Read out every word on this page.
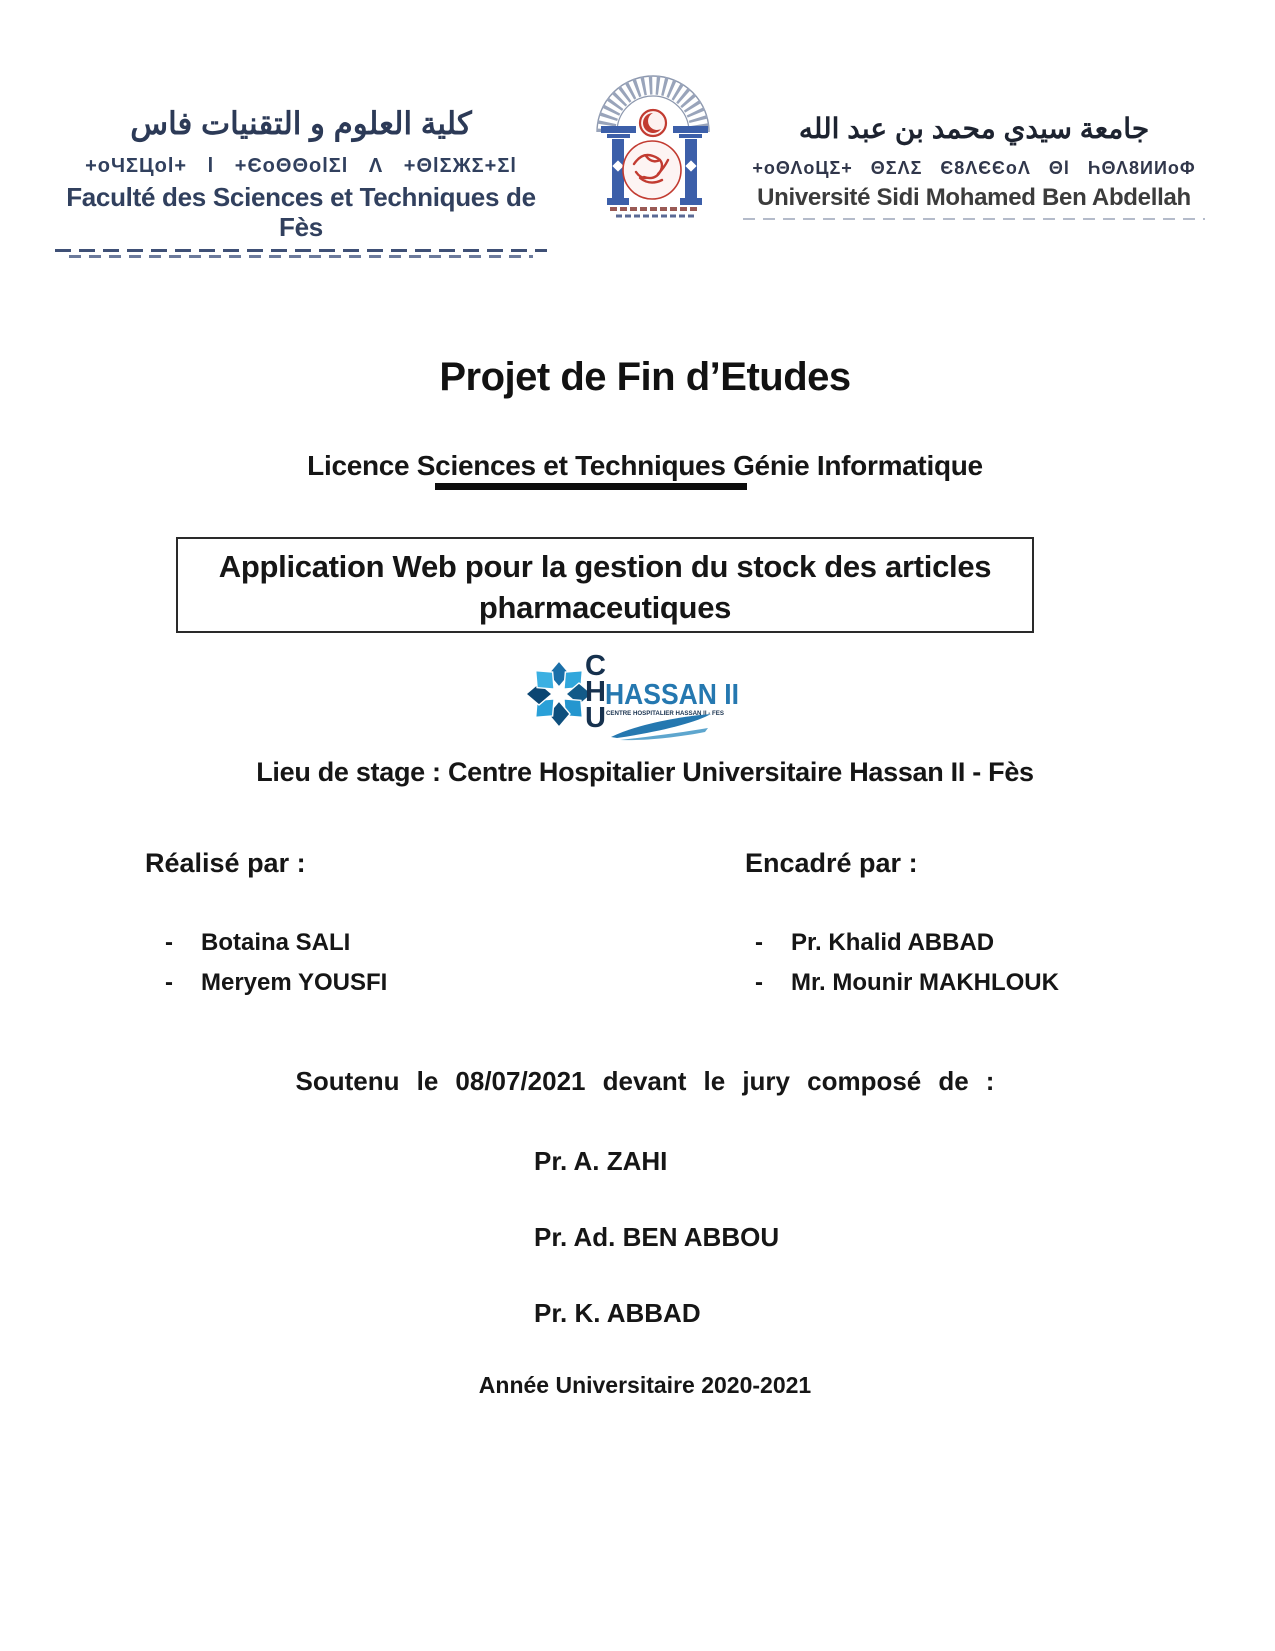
كلية العلوم و التقنيات فاس
+oЧΣЦol+ l +ЄoΘΘolΣl Λ +ΘlΣЖΣ+Σl
Faculté des Sciences et Techniques de Fès
جامعة سيدي محمد بن عبد الله
+oΘΛoЦΣ+ ΘΣΛΣ Є8ΛЄЄoΛ Θl ҺΘΛ8ИИoΦ
Université Sidi Mohamed Ben Abdellah
Projet de Fin d’Etudes
Licence Sciences et Techniques Génie Informatique
Application Web pour la gestion du stock des articles
pharmaceutiques
C
H
U
HASSAN II
CENTRE HOSPITALIER HASSAN II - FES
Lieu de stage : Centre Hospitalier Universitaire Hassan II - Fès
Réalisé par :	Encadré par :
-	Botaina SALI
-	Meryem YOUSFI
-	Pr. Khalid ABBAD
-	Mr. Mounir MAKHLOUK
Soutenu le 08/07/2021 devant le jury composé de :
Pr. A. ZAHI
Pr. Ad. BEN ABBOU
Pr. K. ABBAD
Année Universitaire 2020-2021
